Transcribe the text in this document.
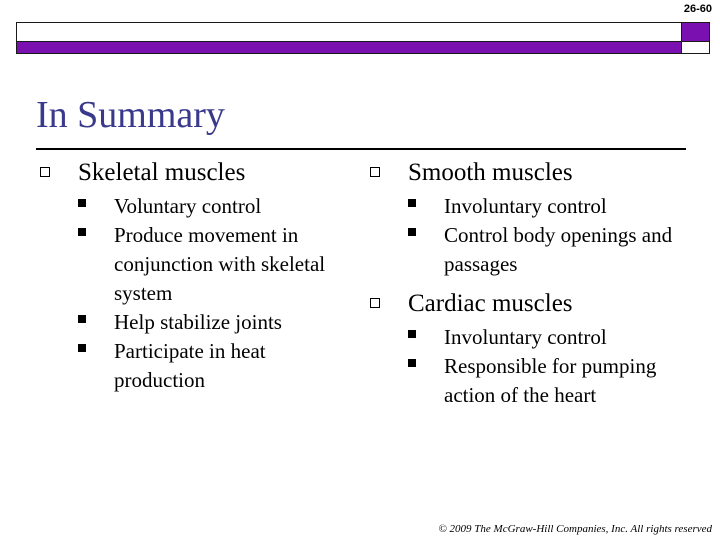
26-60
In Summary
Skeletal muscles
Voluntary control
Produce movement in conjunction with skeletal system
Help stabilize joints
Participate in heat production
Smooth muscles
Involuntary control
Control body openings and passages
Cardiac muscles
Involuntary control
Responsible for pumping action of the heart
© 2009 The McGraw-Hill Companies, Inc. All rights reserved
